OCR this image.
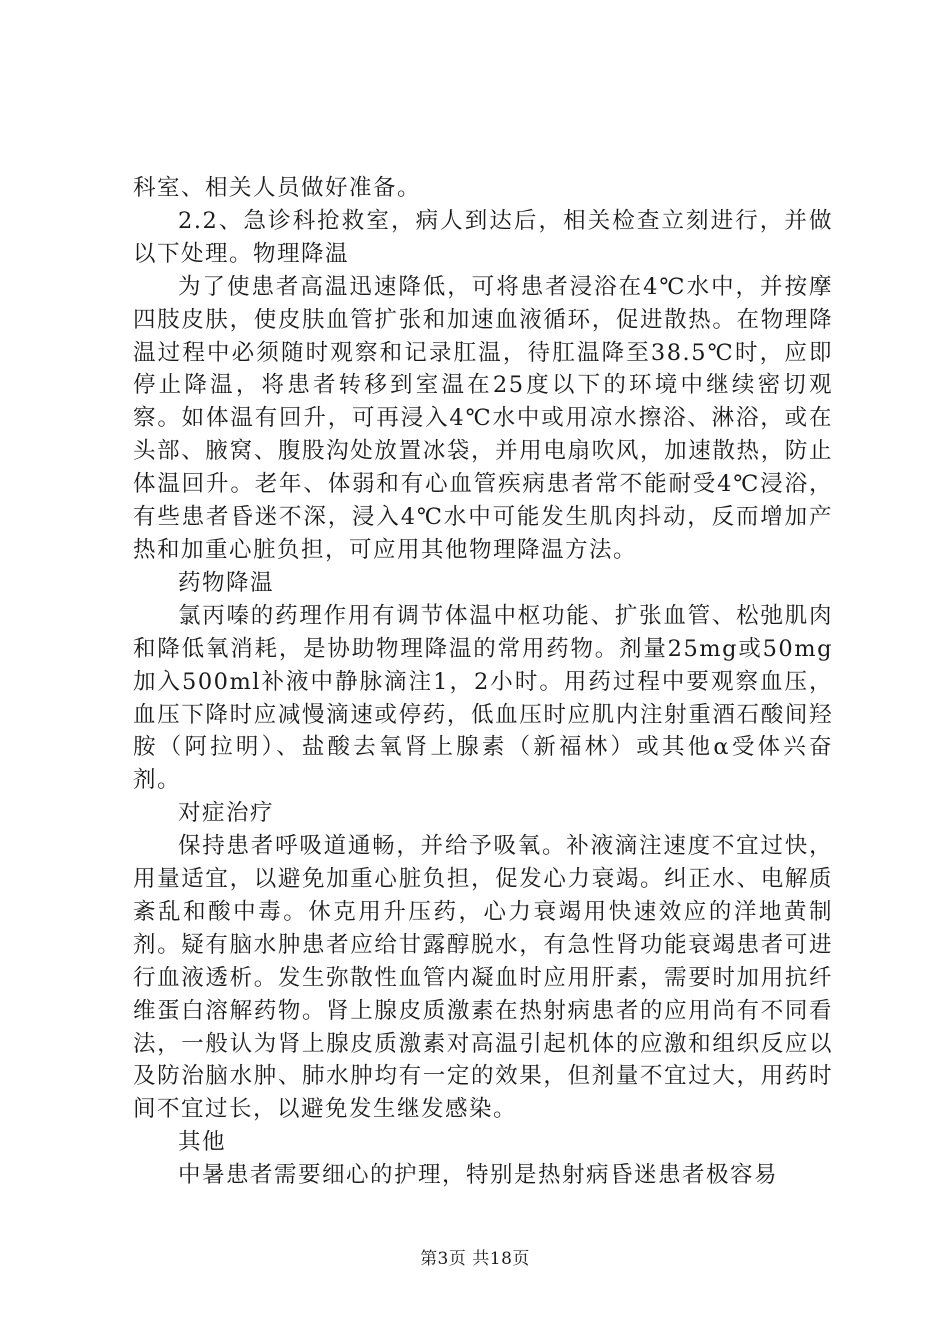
科室、相关人员做好准备。

2.2、急诊科抢救室，病人到达后，相关检查立刻进行，并做以下处理。物理降温

为了使患者高温迅速降低，可将患者浸浴在4℃水中，并按摩四肢皮肤，使皮肤血管扩张和加速血液循环，促进散热。在物理降温过程中必须随时观察和记录肛温，待肛温降至38.5℃时，应即停止降温，将患者转移到室温在25度以下的环境中继续密切观察。如体温有回升，可再浸入4℃水中或用凉水擦浴、淋浴，或在头部、腋窝、腹股沟处放置冰袋，并用电扇吹风，加速散热，防止体温回升。老年、体弱和有心血管疾病患者常不能耐受4℃浸浴，有些患者昏迷不深，浸入4℃水中可能发生肌肉抖动，反而增加产热和加重心脏负担，可应用其他物理降温方法。

药物降温

氯丙嗪的药理作用有调节体温中枢功能、扩张血管、松弛肌肉和降低氧消耗，是协助物理降温的常用药物。剂量25mg或50mg加入500ml补液中静脉滴注1，2小时。用药过程中要观察血压，血压下降时应减慢滴速或停药，低血压时应肌内注射重酒石酸间羟胺（阿拉明）、盐酸去氧肾上腺素（新福林）或其他α受体兴奋剂。

对症治疗

保持患者呼吸道通畅，并给予吸氧。补液滴注速度不宜过快，用量适宜，以避免加重心脏负担，促发心力衰竭。纠正水、电解质紊乱和酸中毒。休克用升压药，心力衰竭用快速效应的洋地黄制剂。疑有脑水肿患者应给甘露醇脱水，有急性肾功能衰竭患者可进行血液透析。发生弥散性血管内凝血时应用肝素，需要时加用抗纤维蛋白溶解药物。肾上腺皮质激素在热射病患者的应用尚有不同看法，一般认为肾上腺皮质激素对高温引起机体的应激和组织反应以及防治脑水肿、肺水肿均有一定的效果，但剂量不宜过大，用药时间不宜过长，以避免发生继发感染。

其他

中暑患者需要细心的护理，特别是热射病昏迷患者极容易

第3页 共18页
